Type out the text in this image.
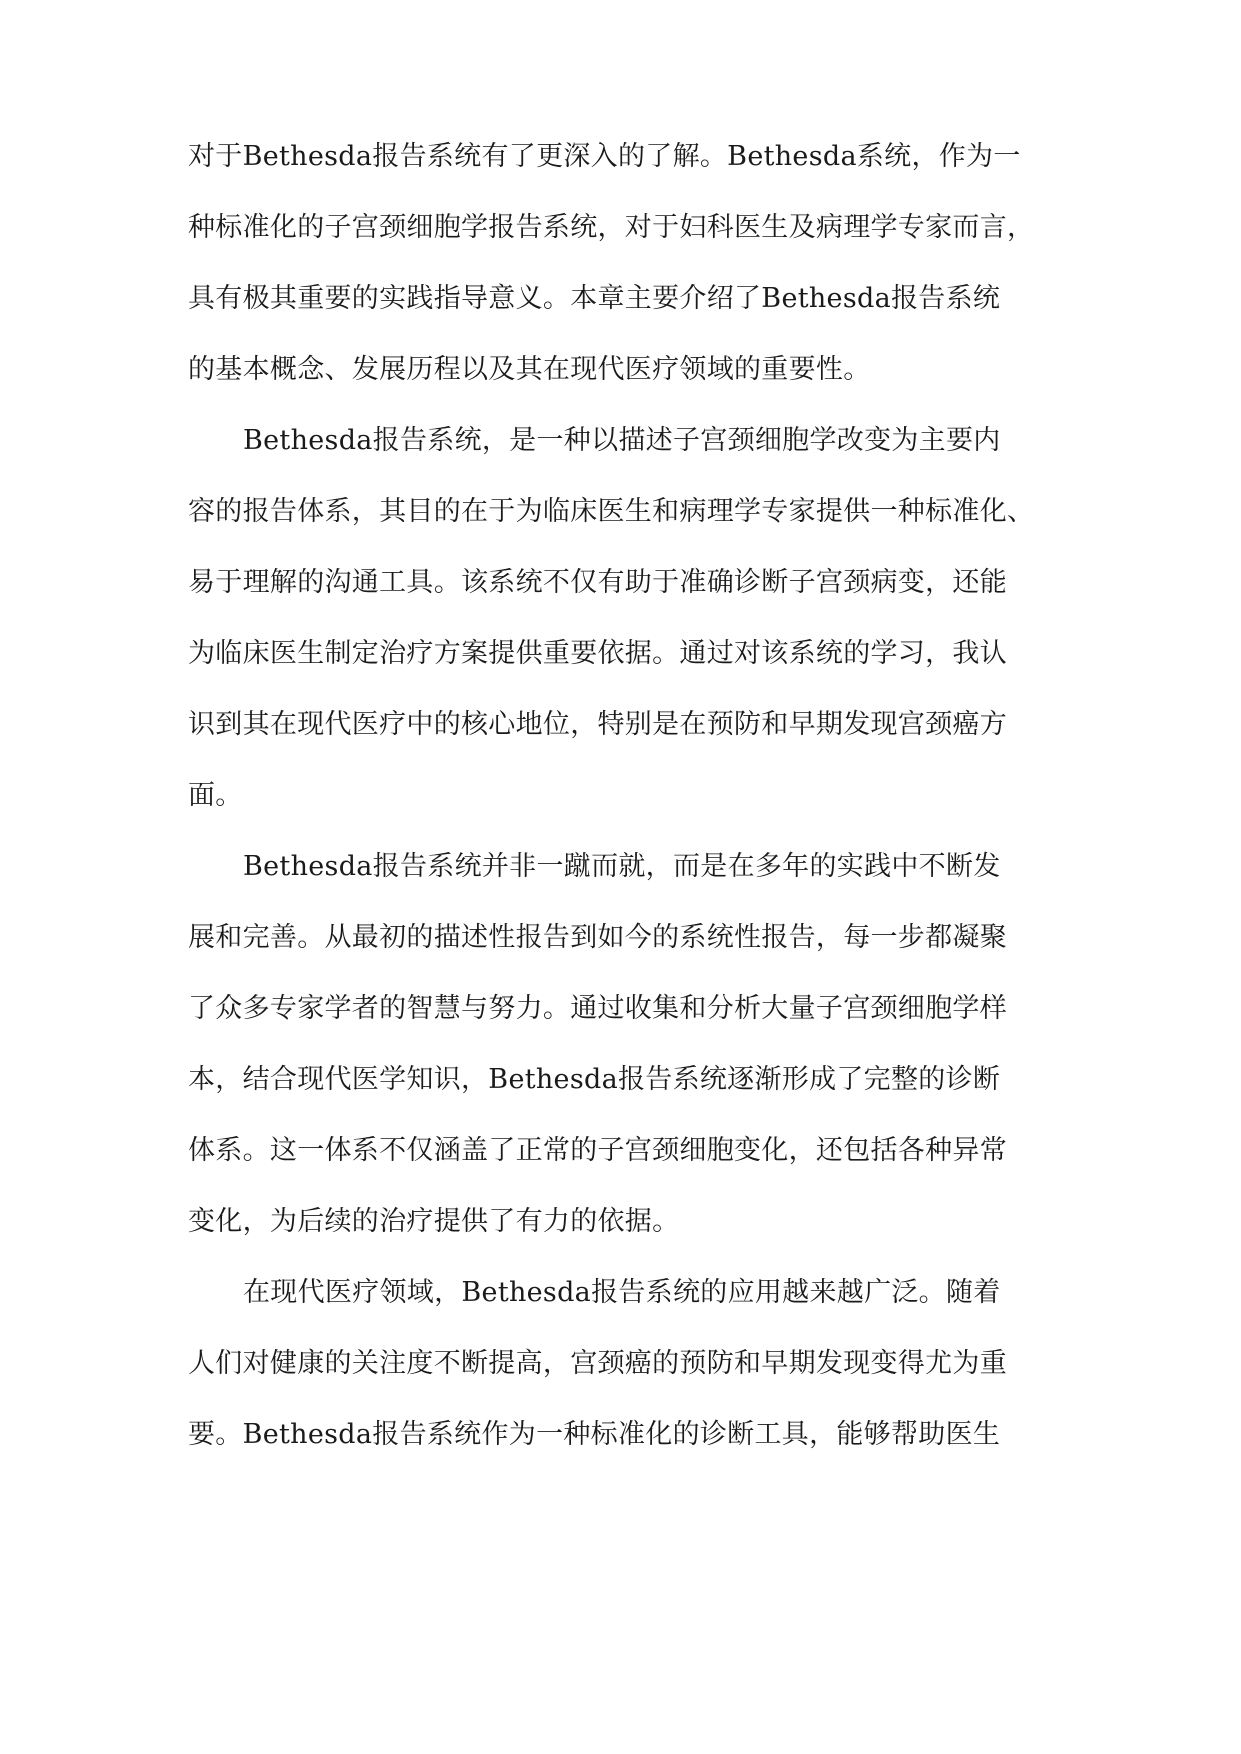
对于Bethesda报告系统有了更深入的了解。Bethesda系统，作为一

种标准化的子宫颈细胞学报告系统，对于妇科医生及病理学专家而言，

具有极其重要的实践指导意义。本章主要介绍了Bethesda报告系统

的基本概念、发展历程以及其在现代医疗领域的重要性。

Bethesda报告系统，是一种以描述子宫颈细胞学改变为主要内

容的报告体系，其目的在于为临床医生和病理学专家提供一种标准化、

易于理解的沟通工具。该系统不仅有助于准确诊断子宫颈病变，还能

为临床医生制定治疗方案提供重要依据。通过对该系统的学习，我认

识到其在现代医疗中的核心地位，特别是在预防和早期发现宫颈癌方

面。

Bethesda报告系统并非一蹴而就，而是在多年的实践中不断发

展和完善。从最初的描述性报告到如今的系统性报告，每一步都凝聚

了众多专家学者的智慧与努力。通过收集和分析大量子宫颈细胞学样

本，结合现代医学知识，Bethesda报告系统逐渐形成了完整的诊断

体系。这一体系不仅涵盖了正常的子宫颈细胞变化，还包括各种异常

变化，为后续的治疗提供了有力的依据。

在现代医疗领域，Bethesda报告系统的应用越来越广泛。随着

人们对健康的关注度不断提高，宫颈癌的预防和早期发现变得尤为重

要。Bethesda报告系统作为一种标准化的诊断工具，能够帮助医生
